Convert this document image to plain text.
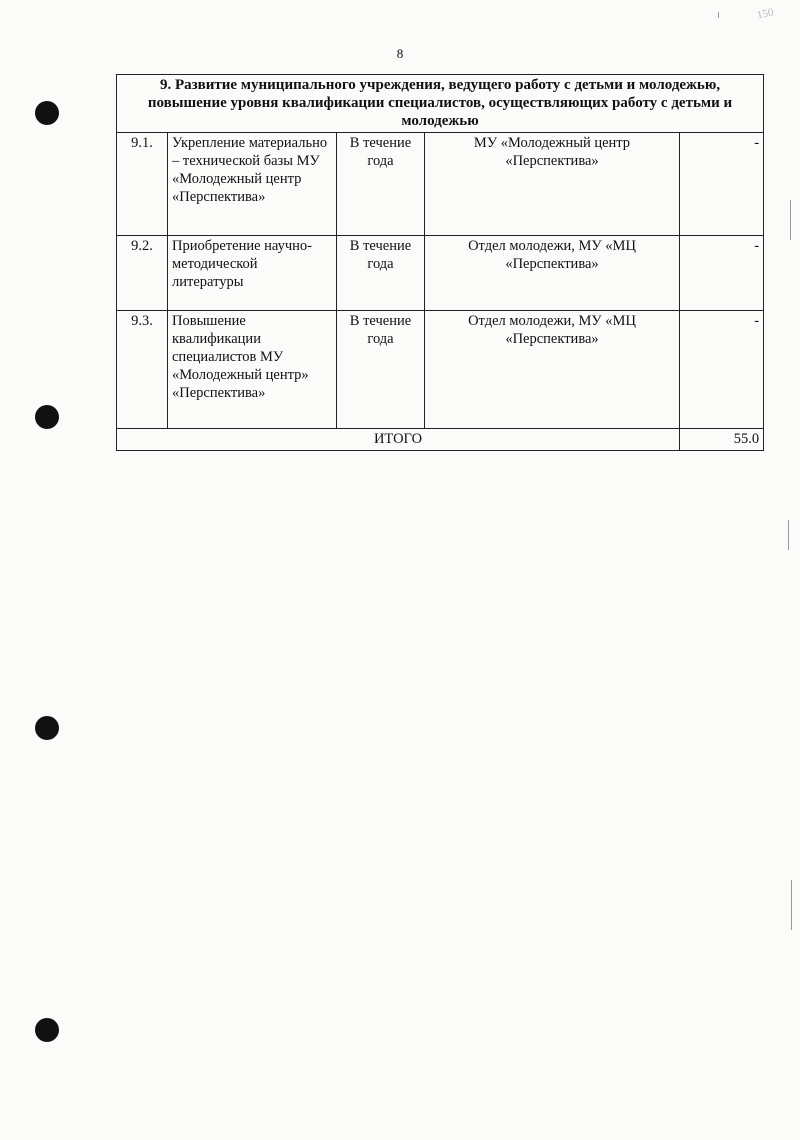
8
150
9. Развитие муниципального учреждения, ведущего работу с детьми и молодежью, повышение уровня квалификации специалистов, осуществляющих работу с детьми и молодежью				
9.1.	Укрепление материально – технической базы МУ «Молодежный центр «Перспектива»	В течение года	МУ «Молодежный центр «Перспектива»	-
9.2.	Приобретение научно-методической литературы	В течение года	Отдел молодежи, МУ «МЦ «Перспектива»	-
9.3.	Повышение квалификации специалистов МУ «Молодежный центр» «Перспектива»	В течение года	Отдел молодежи, МУ «МЦ «Перспектива»	-
ИТОГО				55.0
